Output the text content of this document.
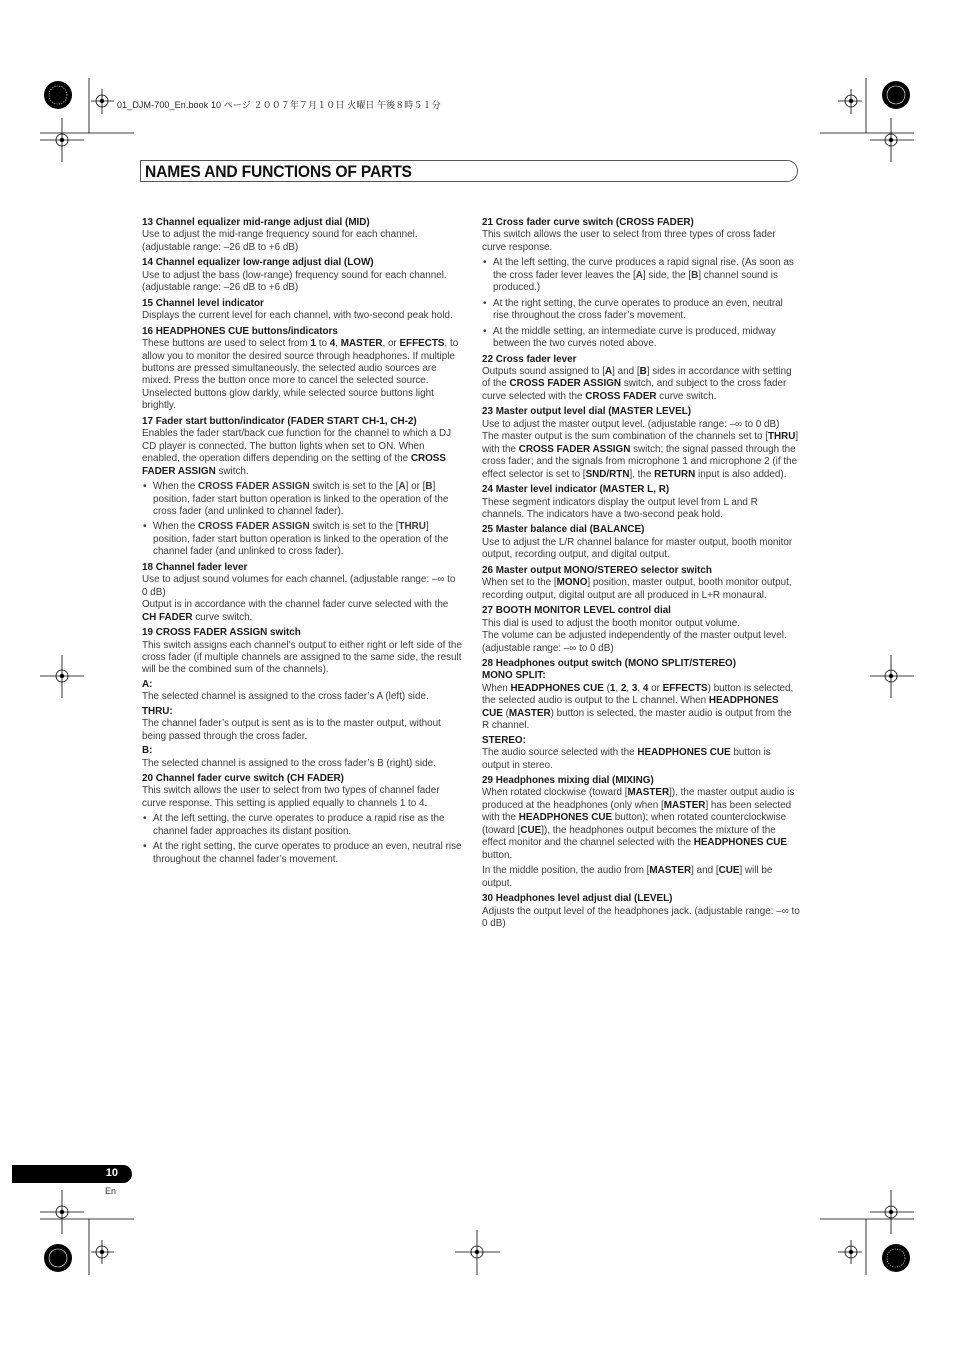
01_DJM-700_En.book 10 ページ ２００７年７月１０日 火曜日 午後８時５１分
NAMES AND FUNCTIONS OF PARTS
13 Channel equalizer mid-range adjust dial (MID)
Use to adjust the mid-range frequency sound for each channel. (adjustable range: –26 dB to +6 dB)
14 Channel equalizer low-range adjust dial (LOW)
Use to adjust the bass (low-range) frequency sound for each channel. (adjustable range: –26 dB to +6 dB)
15 Channel level indicator
Displays the current level for each channel, with two-second peak hold.
16 HEADPHONES CUE buttons/indicators
These buttons are used to select from 1 to 4, MASTER, or EFFECTS, to allow you to monitor the desired source through headphones. If multiple buttons are pressed simultaneously, the selected audio sources are mixed. Press the button once more to cancel the selected source. Unselected buttons glow darkly, while selected source buttons light brightly.
17 Fader start button/indicator (FADER START CH-1, CH-2)
Enables the fader start/back cue function for the channel to which a DJ CD player is connected. The button lights when set to ON. When enabled, the operation differs depending on the setting of the CROSS FADER ASSIGN switch.
• When the CROSS FADER ASSIGN switch is set to the [A] or [B] position, fader start button operation is linked to the operation of the cross fader (and unlinked to channel fader).
• When the CROSS FADER ASSIGN switch is set to the [THRU] position, fader start button operation is linked to the operation of the channel fader (and unlinked to cross fader).
18 Channel fader lever
Use to adjust sound volumes for each channel. (adjustable range: –∞ to 0 dB)
Output is in accordance with the channel fader curve selected with the CH FADER curve switch.
19 CROSS FADER ASSIGN switch
This switch assigns each channel’s output to either right or left side of the cross fader (if multiple channels are assigned to the same side, the result will be the combined sum of the channels).
A:
The selected channel is assigned to the cross fader’s A (left) side.
THRU:
The channel fader’s output is sent as is to the master output, without being passed through the cross fader.
B:
The selected channel is assigned to the cross fader’s B (right) side.
20 Channel fader curve switch (CH FADER)
This switch allows the user to select from two types of channel fader curve response. This setting is applied equally to channels 1 to 4.
• At the left setting, the curve operates to produce a rapid rise as the channel fader approaches its distant position.
• At the right setting, the curve operates to produce an even, neutral rise throughout the channel fader’s movement.
21 Cross fader curve switch (CROSS FADER)
This switch allows the user to select from three types of cross fader curve response.
• At the left setting, the curve produces a rapid signal rise. (As soon as the cross fader lever leaves the [A] side, the [B] channel sound is produced.)
• At the right setting, the curve operates to produce an even, neutral rise throughout the cross fader’s movement.
• At the middle setting, an intermediate curve is produced, midway between the two curves noted above.
22 Cross fader lever
Outputs sound assigned to [A] and [B] sides in accordance with setting of the CROSS FADER ASSIGN switch, and subject to the cross fader curve selected with the CROSS FADER curve switch.
23 Master output level dial (MASTER LEVEL)
Use to adjust the master output level. (adjustable range: –∞ to 0 dB)
The master output is the sum combination of the channels set to [THRU] with the CROSS FADER ASSIGN switch; the signal passed through the cross fader; and the signals from microphone 1 and microphone 2 (if the effect selector is set to [SND/RTN], the RETURN input is also added).
24 Master level indicator (MASTER L, R)
These segment indicators display the output level from L and R channels. The indicators have a two-second peak hold.
25 Master balance dial (BALANCE)
Use to adjust the L/R channel balance for master output, booth monitor output, recording output, and digital output.
26 Master output MONO/STEREO selector switch
When set to the [MONO] position, master output, booth monitor output, recording output, digital output are all produced in L+R monaural.
27 BOOTH MONITOR LEVEL control dial
This dial is used to adjust the booth monitor output volume.
The volume can be adjusted independently of the master output level. (adjustable range: –∞ to 0 dB)
28 Headphones output switch (MONO SPLIT/STEREO)
MONO SPLIT:
When HEADPHONES CUE (1, 2, 3, 4 or EFFECTS) button is selected, the selected audio is output to the L channel. When HEADPHONES CUE (MASTER) button is selected, the master audio is output from the R channel.
STEREO:
The audio source selected with the HEADPHONES CUE button is output in stereo.
29 Headphones mixing dial (MIXING)
When rotated clockwise (toward [MASTER]), the master output audio is produced at the headphones (only when [MASTER] has been selected with the HEADPHONES CUE button); when rotated counterclockwise (toward [CUE]), the headphones output becomes the mixture of the effect monitor and the channel selected with the HEADPHONES CUE button.
In the middle position, the audio from [MASTER] and [CUE] will be output.
30 Headphones level adjust dial (LEVEL)
Adjusts the output level of the headphones jack. (adjustable range: –∞ to 0 dB)
10
En
